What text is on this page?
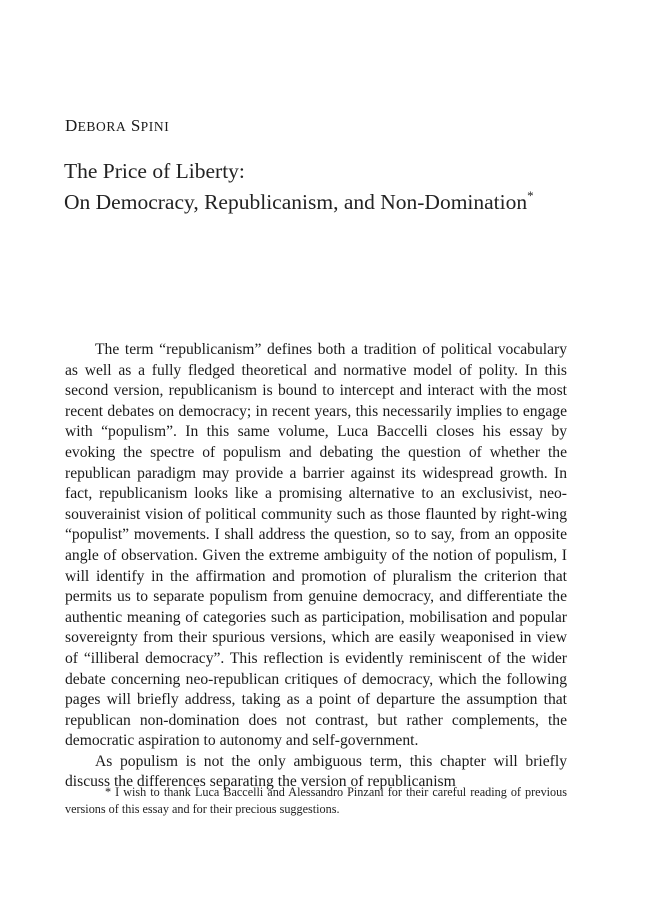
DEBORA SPINI
The Price of Liberty:
On Democracy, Republicanism, and Non-Domination*

The term “republicanism” defines both a tradition of political vocabulary as well as a fully fledged theoretical and normative model of polity. In this second version, republicanism is bound to intercept and interact with the most recent debates on democracy; in recent years, this necessarily implies to engage with “populism”. In this same volume, Luca Baccelli closes his essay by evoking the spectre of populism and debating the question of whether the republican paradigm may provide a barrier against its widespread growth. In fact, republicanism looks like a promising alternative to an exclusivist, neo-souverainist vision of political community such as those flaunted by right-wing “populist” movements. I shall address the question, so to say, from an opposite angle of observation. Given the extreme ambiguity of the notion of populism, I will identify in the affirmation and promotion of pluralism the criterion that permits us to separate populism from genuine democracy, and differentiate the authentic meaning of categories such as participation, mobilisation and popular sovereignty from their spurious versions, which are easily weaponised in view of “illiberal democracy”. This reflection is evidently reminiscent of the wider debate concerning neo-republican critiques of democracy, which the following pages will briefly address, taking as a point of departure the assumption that republican non-domination does not contrast, but rather complements, the democratic aspiration to autonomy and self-government.

As populism is not the only ambiguous term, this chapter will briefly discuss the differences separating the version of republicanism

* I wish to thank Luca Baccelli and Alessandro Pinzani for their careful reading of previous versions of this essay and for their precious suggestions.
